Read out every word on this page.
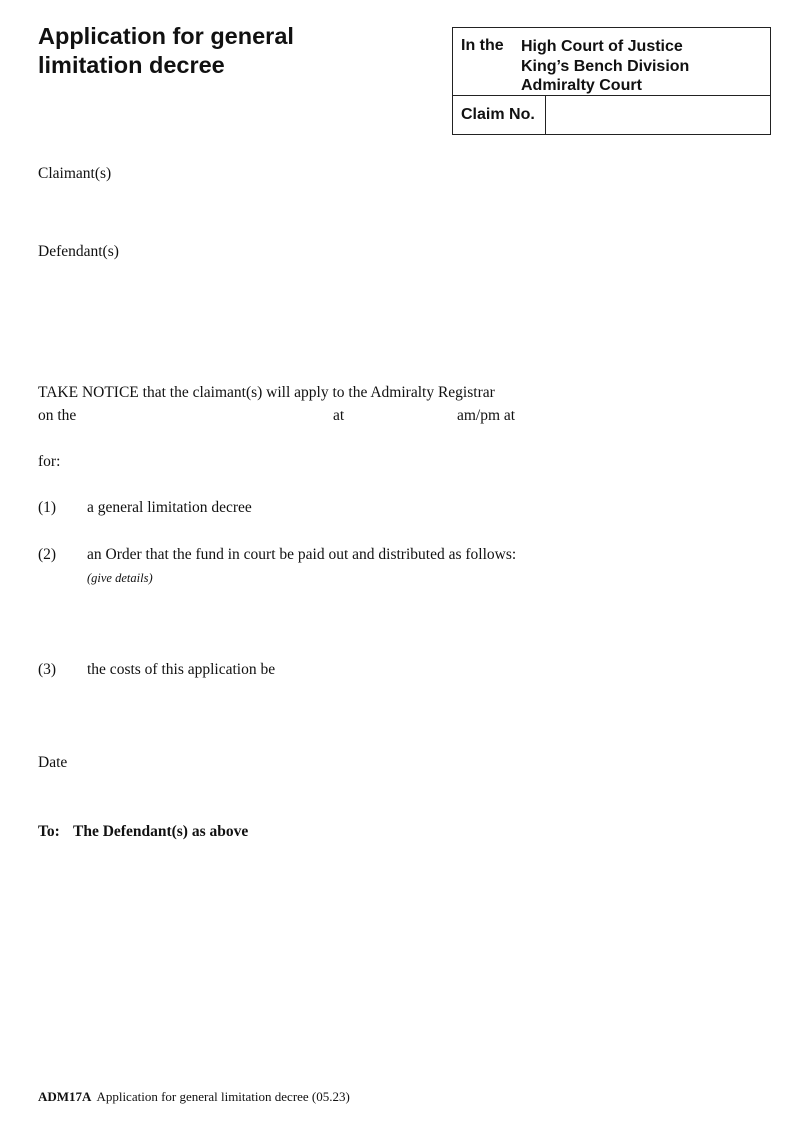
Application for general
limitation decree
In the High Court of Justice
King’s Bench Division
Admiralty Court
Claim No.
Claimant(s)
Defendant(s)
TAKE NOTICE that the claimant(s) will apply to the Admiralty Registrar
on the	at	am/pm at
for:
(1) a general limitation decree
(2) an Order that the fund in court be paid out and distributed as follows:
(give details)
(3) the costs of this application be
Date
To: The Defendant(s) as above
ADM17A Application for general limitation decree (05.23)
